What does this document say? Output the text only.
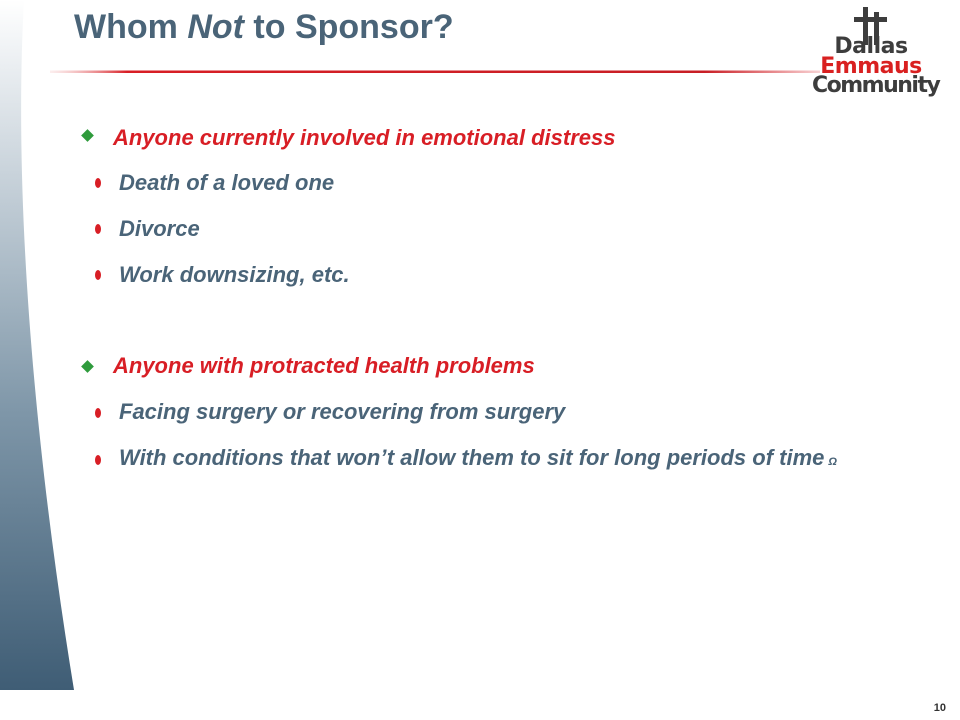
Whom Not to Sponsor?
Dallas
Emmaus
Community

Anyone currently involved in emotional distress

Death of a loved one

Divorce

Work downsizing, etc.

Anyone with protracted health problems

Facing surgery or recovering from surgery

With conditions that won’t allow them to sit for long periods of time Ω

10
